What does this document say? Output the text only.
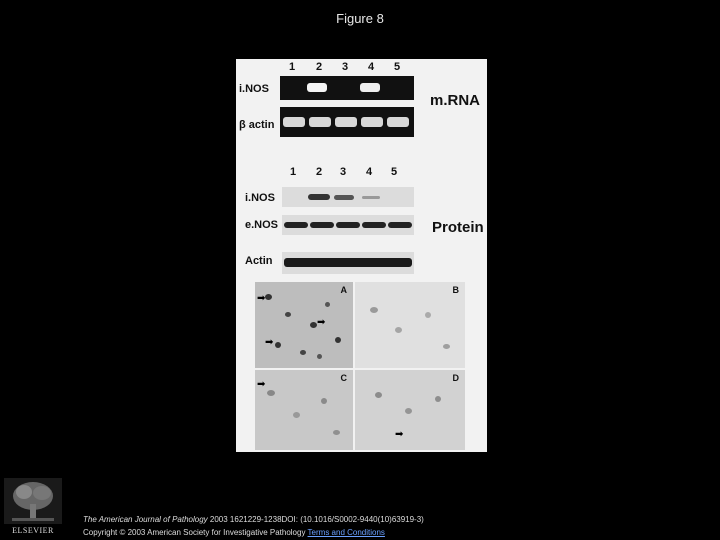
Figure 8
1 2 3 4 5
i.NOS
β actin
m.RNA
1 2 3 4 5
i.NOS
e.NOS	Protein
Actin
A
➡
➡
➡
B
C
➡
D
➡
ELSEVIER
The American Journal of Pathology 2003 1621229-1238DOI: (10.1016/S0002-9440(10)63919-3)
Copyright © 2003 American Society for Investigative Pathology Terms and Conditions
